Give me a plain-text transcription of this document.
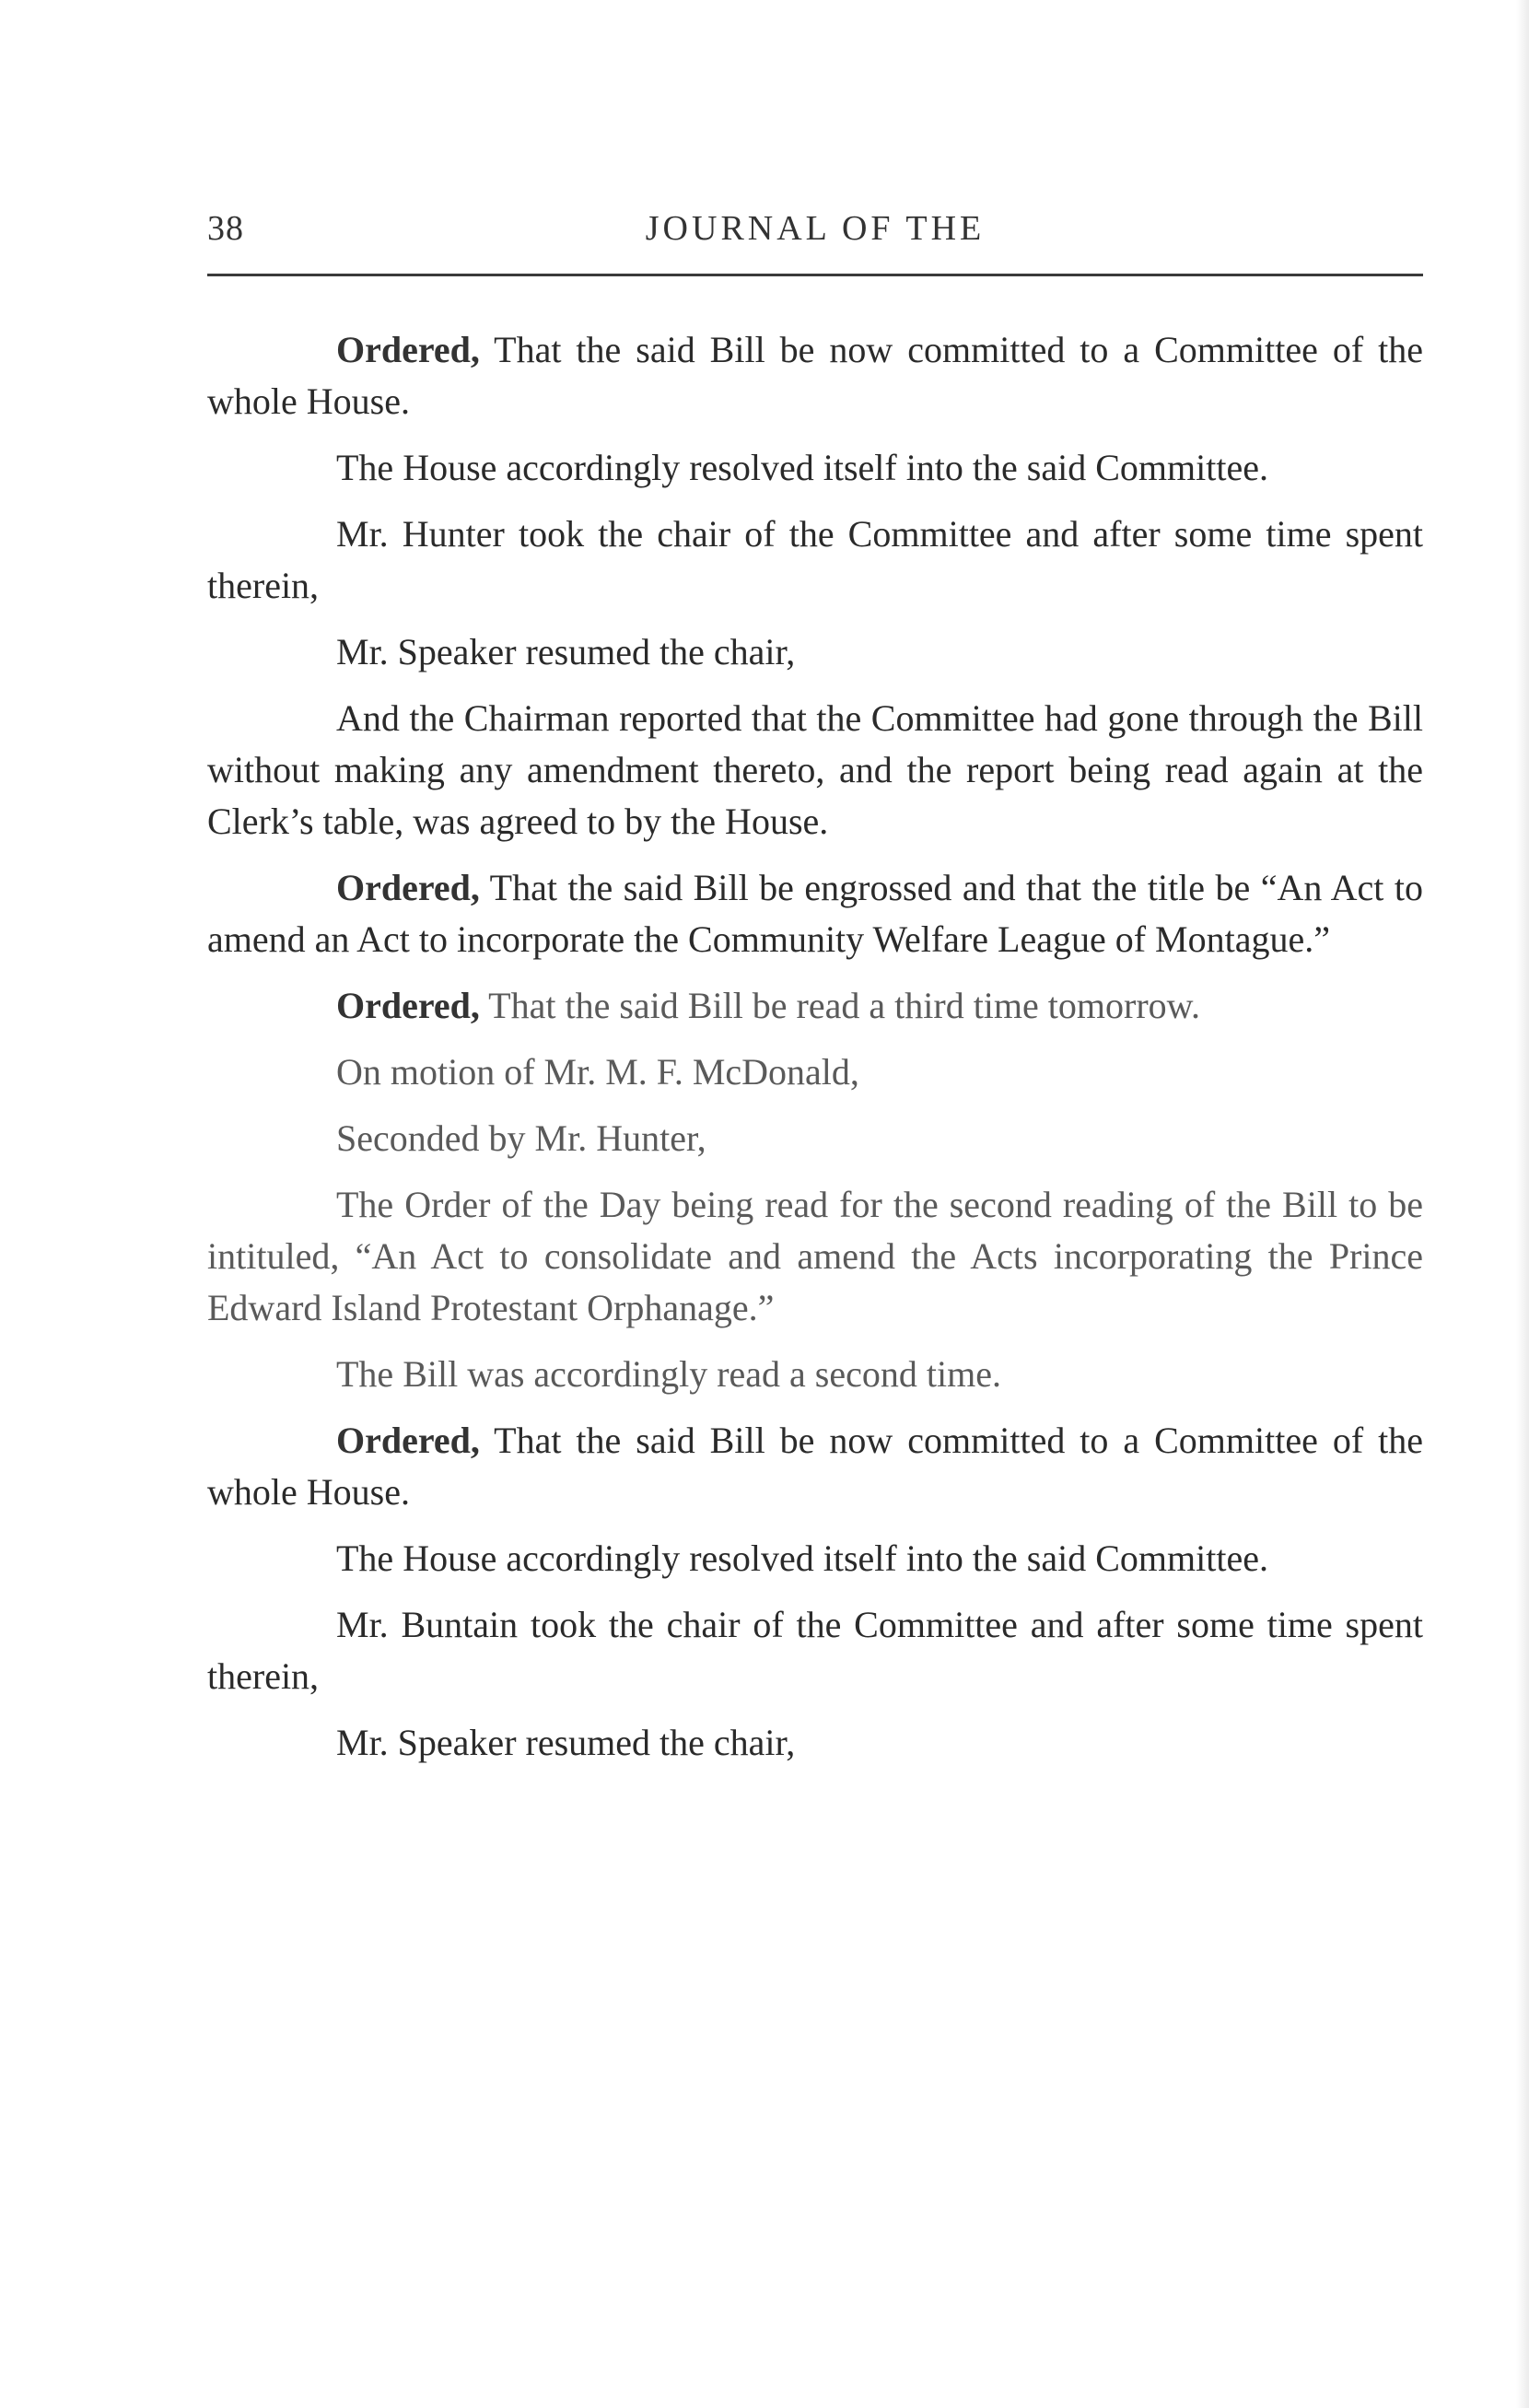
38	JOURNAL OF THE

Ordered, That the said Bill be now committed to a Committee of the whole House.

The House accordingly resolved itself into the said Committee.

Mr. Hunter took the chair of the Committee and after some time spent therein,

Mr. Speaker resumed the chair,

And the Chairman reported that the Committee had gone through the Bill without making any amendment thereto, and the report being read again at the Clerk’s table, was agreed to by the House.

Ordered, That the said Bill be engrossed and that the title be “An Act to amend an Act to incorporate the Community Welfare League of Montague.”

Ordered, That the said Bill be read a third time tomorrow.

On motion of Mr. M. F. McDonald,

Seconded by Mr. Hunter,

The Order of the Day being read for the second reading of the Bill to be intituled, “An Act to consolidate and amend the Acts incorporating the Prince Edward Island Protestant Orphanage.”

The Bill was accordingly read a second time.

Ordered, That the said Bill be now committed to a Committee of the whole House.

The House accordingly resolved itself into the said Committee.

Mr. Buntain took the chair of the Committee and after some time spent therein,

Mr. Speaker resumed the chair,
